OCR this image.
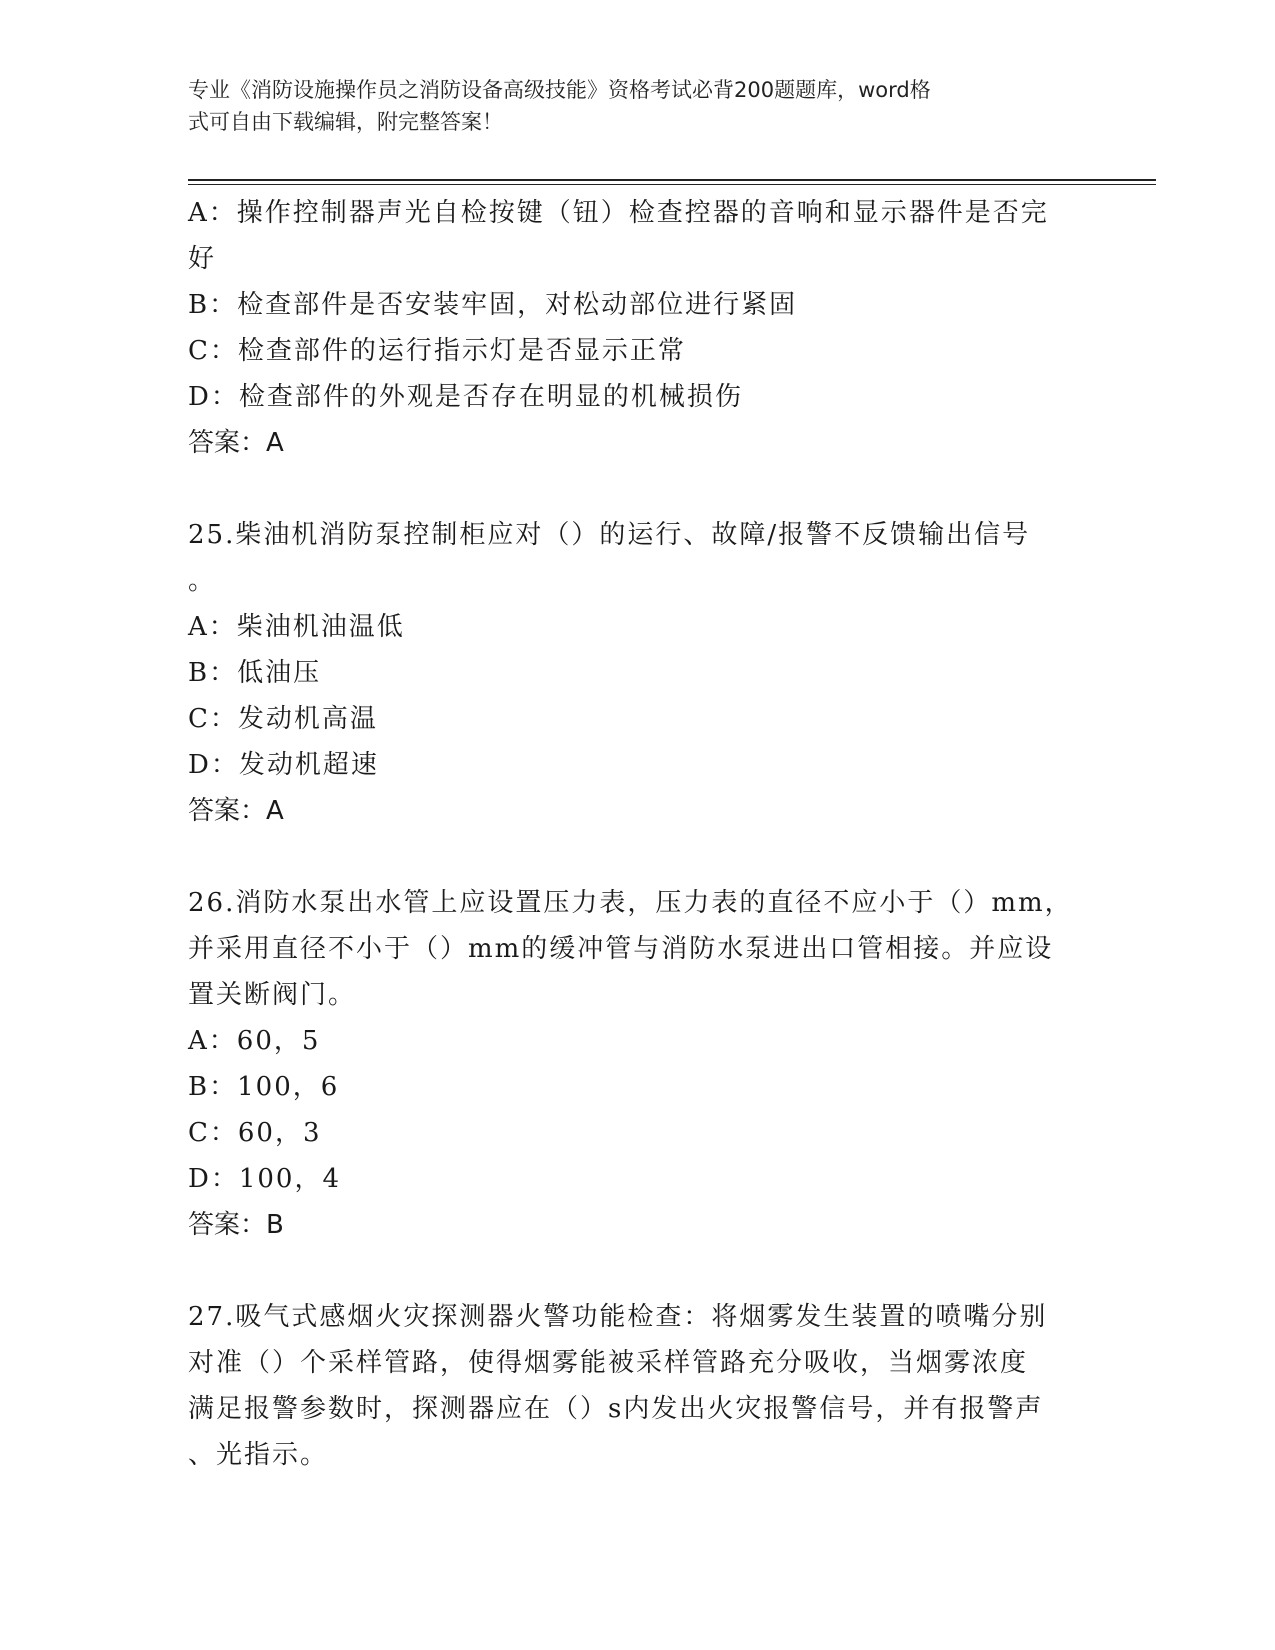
专业《消防设施操作员之消防设备高级技能》资格考试必背200题题库，word格
式可自由下载编辑，附完整答案！
A：操作控制器声光自检按键（钮）检查控器的音响和显示器件是否完
好
B：检查部件是否安装牢固，对松动部位进行紧固
C：检查部件的运行指示灯是否显示正常
D：检查部件的外观是否存在明显的机械损伤
答案：A
25.柴油机消防泵控制柜应对（）的运行、故障/报警不反馈输出信号
。
A：柴油机油温低
B：低油压
C：发动机高温
D：发动机超速
答案：A
26.消防水泵出水管上应设置压力表，压力表的直径不应小于（）mm，
并采用直径不小于（）mm的缓冲管与消防水泵进出口管相接。并应设
置关断阀门。
A：60，5
B：100，6
C：60，3
D：100，4
答案：B
27.吸气式感烟火灾探测器火警功能检查：将烟雾发生装置的喷嘴分别
对准（）个采样管路，使得烟雾能被采样管路充分吸收，当烟雾浓度
满足报警参数时，探测器应在（）s内发出火灾报警信号，并有报警声
、光指示。
